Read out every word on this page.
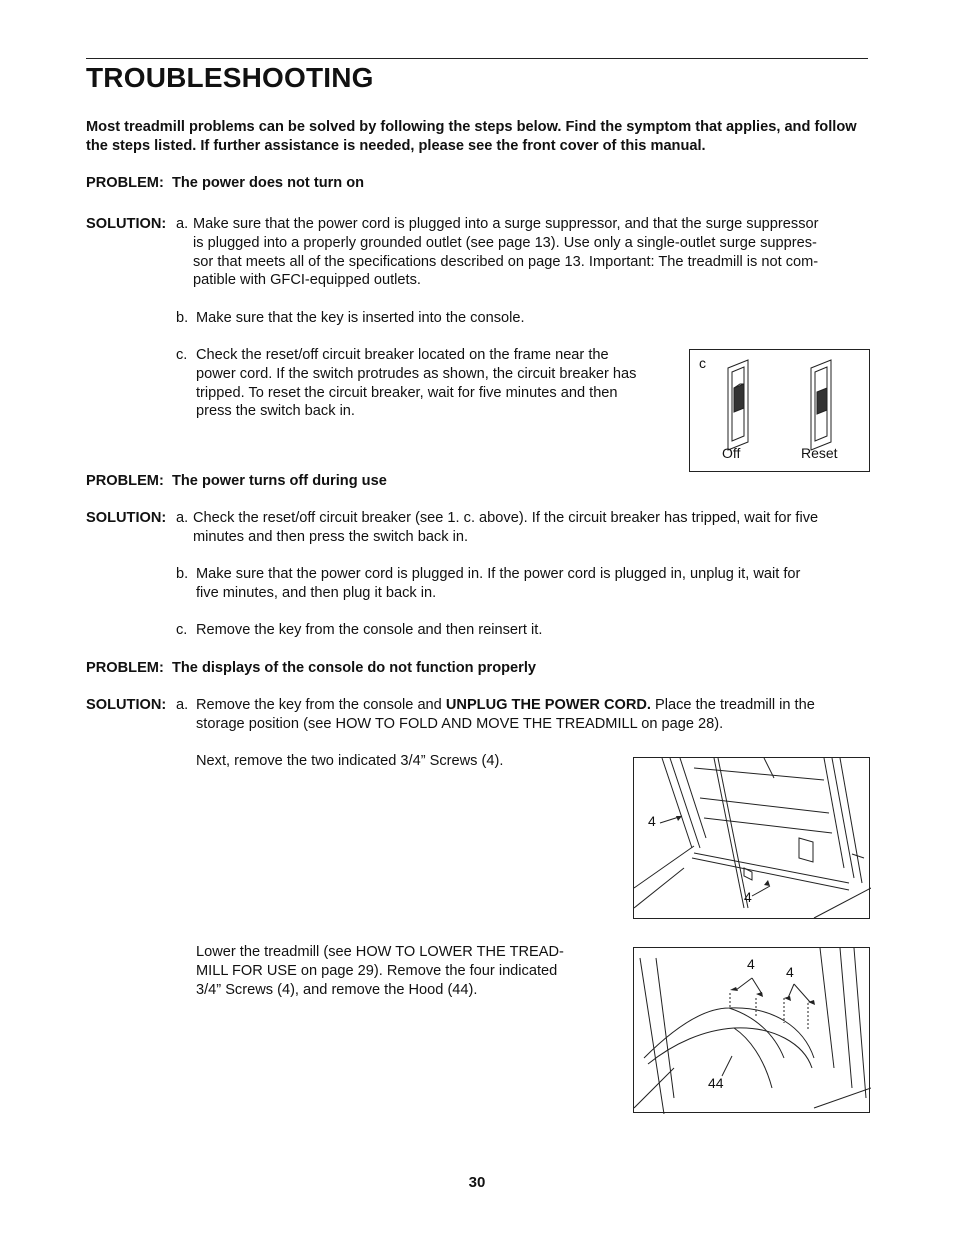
TROUBLESHOOTING
Most treadmill problems can be solved by following the steps below. Find the symptom that applies, and follow the steps listed. If further assistance is needed, please see the front cover of this manual.
PROBLEM: The power does not turn on
SOLUTION: a. Make sure that the power cord is plugged into a surge suppressor, and that the surge suppressor
is plugged into a properly grounded outlet (see page 13). Use only a single-outlet surge suppres-
sor that meets all of the specifications described on page 13. Important: The treadmill is not com-
patible with GFCI-equipped outlets.
b. Make sure that the key is inserted into the console.
c. Check the reset/off circuit breaker located on the frame near the
power cord. If the switch protrudes as shown, the circuit breaker has
tripped. To reset the circuit breaker, wait for five minutes and then
press the switch back in.
c
Off	Reset
PROBLEM: The power turns off during use
SOLUTION: a. Check the reset/off circuit breaker (see 1. c. above). If the circuit breaker has tripped, wait for five
minutes and then press the switch back in.
b. Make sure that the power cord is plugged in. If the power cord is plugged in, unplug it, wait for
five minutes, and then plug it back in.
c. Remove the key from the console and then reinsert it.
PROBLEM: The displays of the console do not function properly
SOLUTION: a. Remove the key from the console and UNPLUG THE POWER CORD. Place the treadmill in the
storage position (see HOW TO FOLD AND MOVE THE TREADMILL on page 28).
Next, remove the two indicated 3/4” Screws (4).
4
4
Lower the treadmill (see HOW TO LOWER THE TREAD-
MILL FOR USE on page 29). Remove the four indicated
3/4” Screws (4), and remove the Hood (44).
4 4
44
30
